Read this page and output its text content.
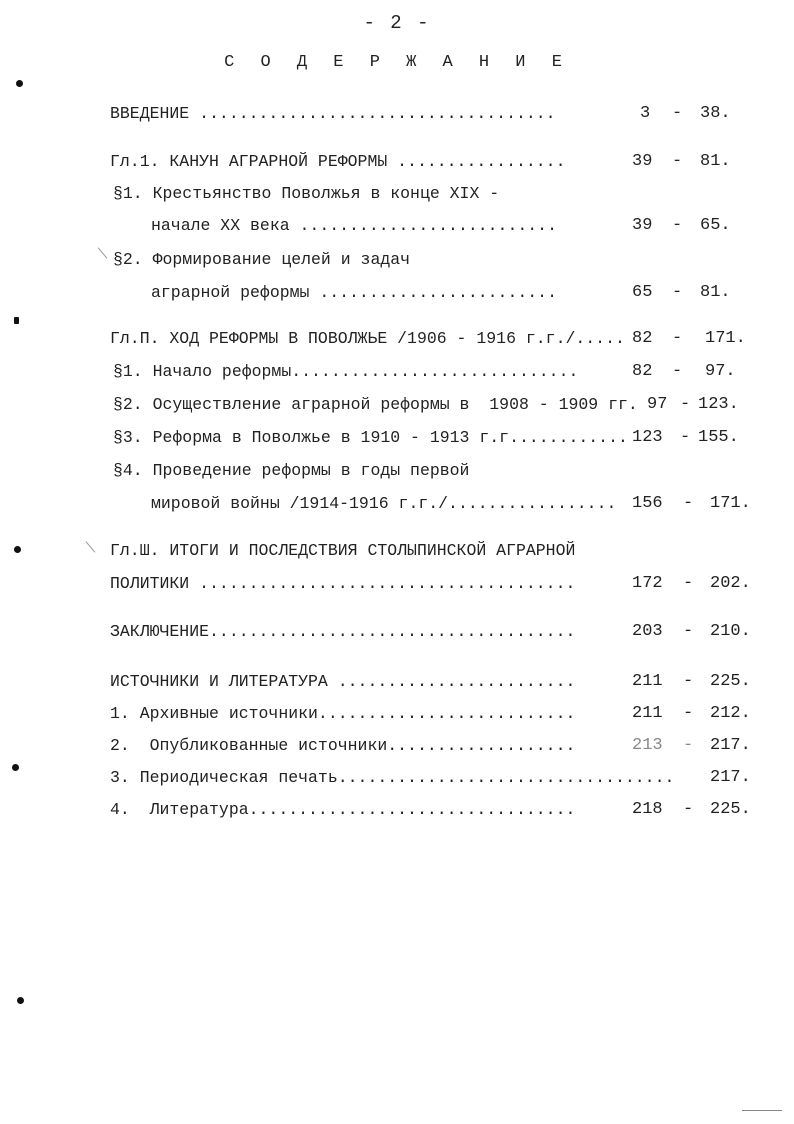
- 2 -
С О Д Е Р Ж А Н И Е
ВВЕДЕНИЕ ....................................	3 - 38.
Гл.1. КАНУН АГРАРНОЙ РЕФОРМЫ .................	39 - 81.
§1. Крестьянство Поволжья в конце XIX -
начале XX века ..........................	39 - 65.
§2. Формирование целей и задач
аграрной реформы ........................	65 - 81.
Гл.П. ХОД РЕФОРМЫ В ПОВОЛЖЬЕ /1906 - 1916 г.г./..... 82 - 171.
§1. Начало реформы.............................	82 - 97.
§2. Осуществление аграрной реформы в  1908 - 1909 гг. 97 - 123.
§3. Реформа в Поволжье в 1910 - 1913 г.г............ 123 - 155.
§4. Проведение реформы в годы первой
мировой войны /1914-1916 г.г./................. 156 - 171.
Гл.Ш. ИТОГИ И ПОСЛЕДСТВИЯ СТОЛЫПИНСКОЙ АГРАРНОЙ
ПОЛИТИКИ ......................................	172 - 202.
ЗАКЛЮЧЕНИЕ.....................................	203 - 210.
ИСТОЧНИКИ И ЛИТЕРАТУРА ........................	211 - 225.
1. Архивные источники..........................	211 - 212.
2.  Опубликованные источники...................	213 - 217.
3. Периодическая печать.................................. 217.
4.  Литература.................................	218 - 225.
